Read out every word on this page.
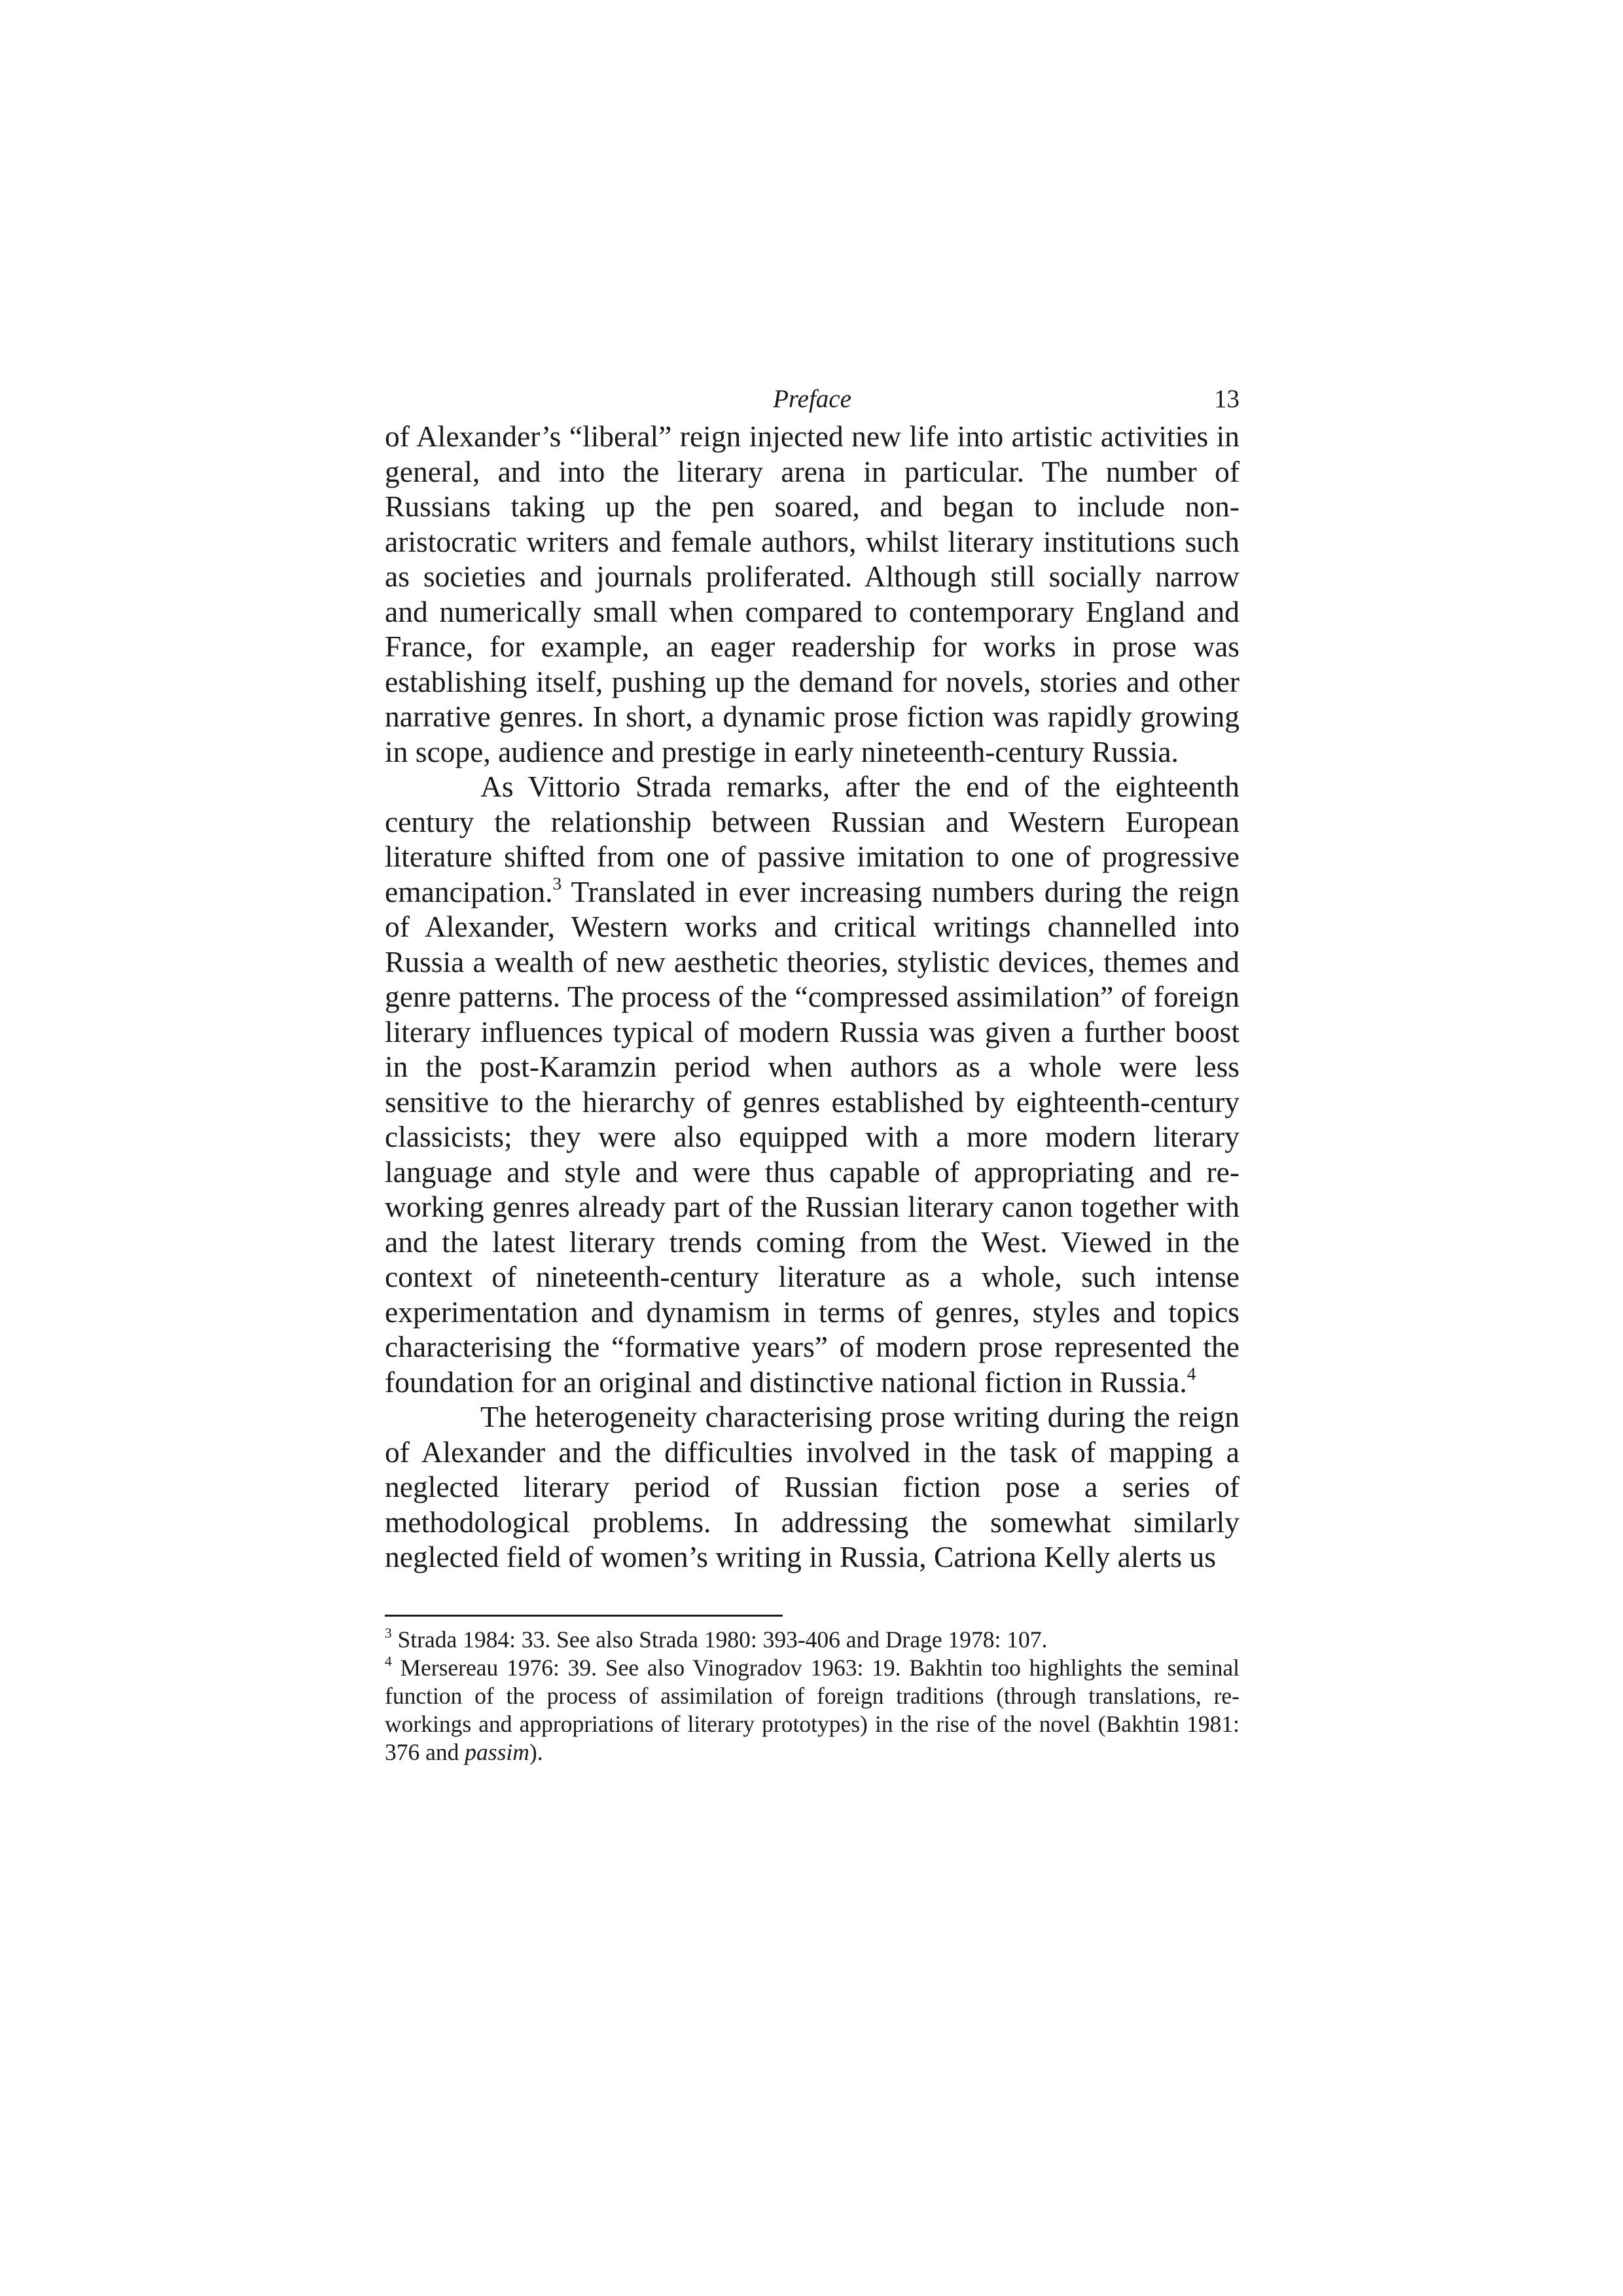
Preface	13

of Alexander’s “liberal” reign injected new life into artistic activities in general, and into the literary arena in particular. The number of Russians taking up the pen soared, and began to include non-aristocratic writers and female authors, whilst literary institutions such as societies and journals proliferated. Although still socially narrow and numerically small when compared to contemporary England and France, for example, an eager readership for works in prose was establishing itself, pushing up the demand for novels, stories and other narrative genres. In short, a dynamic prose fiction was rapidly growing in scope, audience and prestige in early nineteenth-century Russia.

As Vittorio Strada remarks, after the end of the eighteenth century the relationship between Russian and Western European literature shifted from one of passive imitation to one of progressive emancipation.$^3$ Translated in ever increasing numbers during the reign of Alexander, Western works and critical writings channelled into Russia a wealth of new aesthetic theories, stylistic devices, themes and genre patterns. The process of the “compressed assimilation” of foreign literary influences typical of modern Russia was given a further boost in the post-Karamzin period when authors as a whole were less sensitive to the hierarchy of genres established by eighteenth-century classicists; they were also equipped with a more modern literary language and style and were thus capable of appropriating and re-working genres already part of the Russian literary canon together with and the latest literary trends coming from the West. Viewed in the context of nineteenth-century literature as a whole, such intense experimentation and dynamism in terms of genres, styles and topics characterising the “formative years” of modern prose represented the foundation for an original and distinctive national fiction in Russia.$^4$

The heterogeneity characterising prose writing during the reign of Alexander and the difficulties involved in the task of mapping a neglected literary period of Russian fiction pose a series of methodological problems. In addressing the somewhat similarly neglected field of women’s writing in Russia, Catriona Kelly alerts us

$^3$ Strada 1984: 33. See also Strada 1980: 393-406 and Drage 1978: 107.

$^4$ Mersereau 1976: 39. See also Vinogradov 1963: 19. Bakhtin too highlights the seminal function of the process of assimilation of foreign traditions (through translations, re-workings and appropriations of literary prototypes) in the rise of the novel (Bakhtin 1981: 376 and passim).
